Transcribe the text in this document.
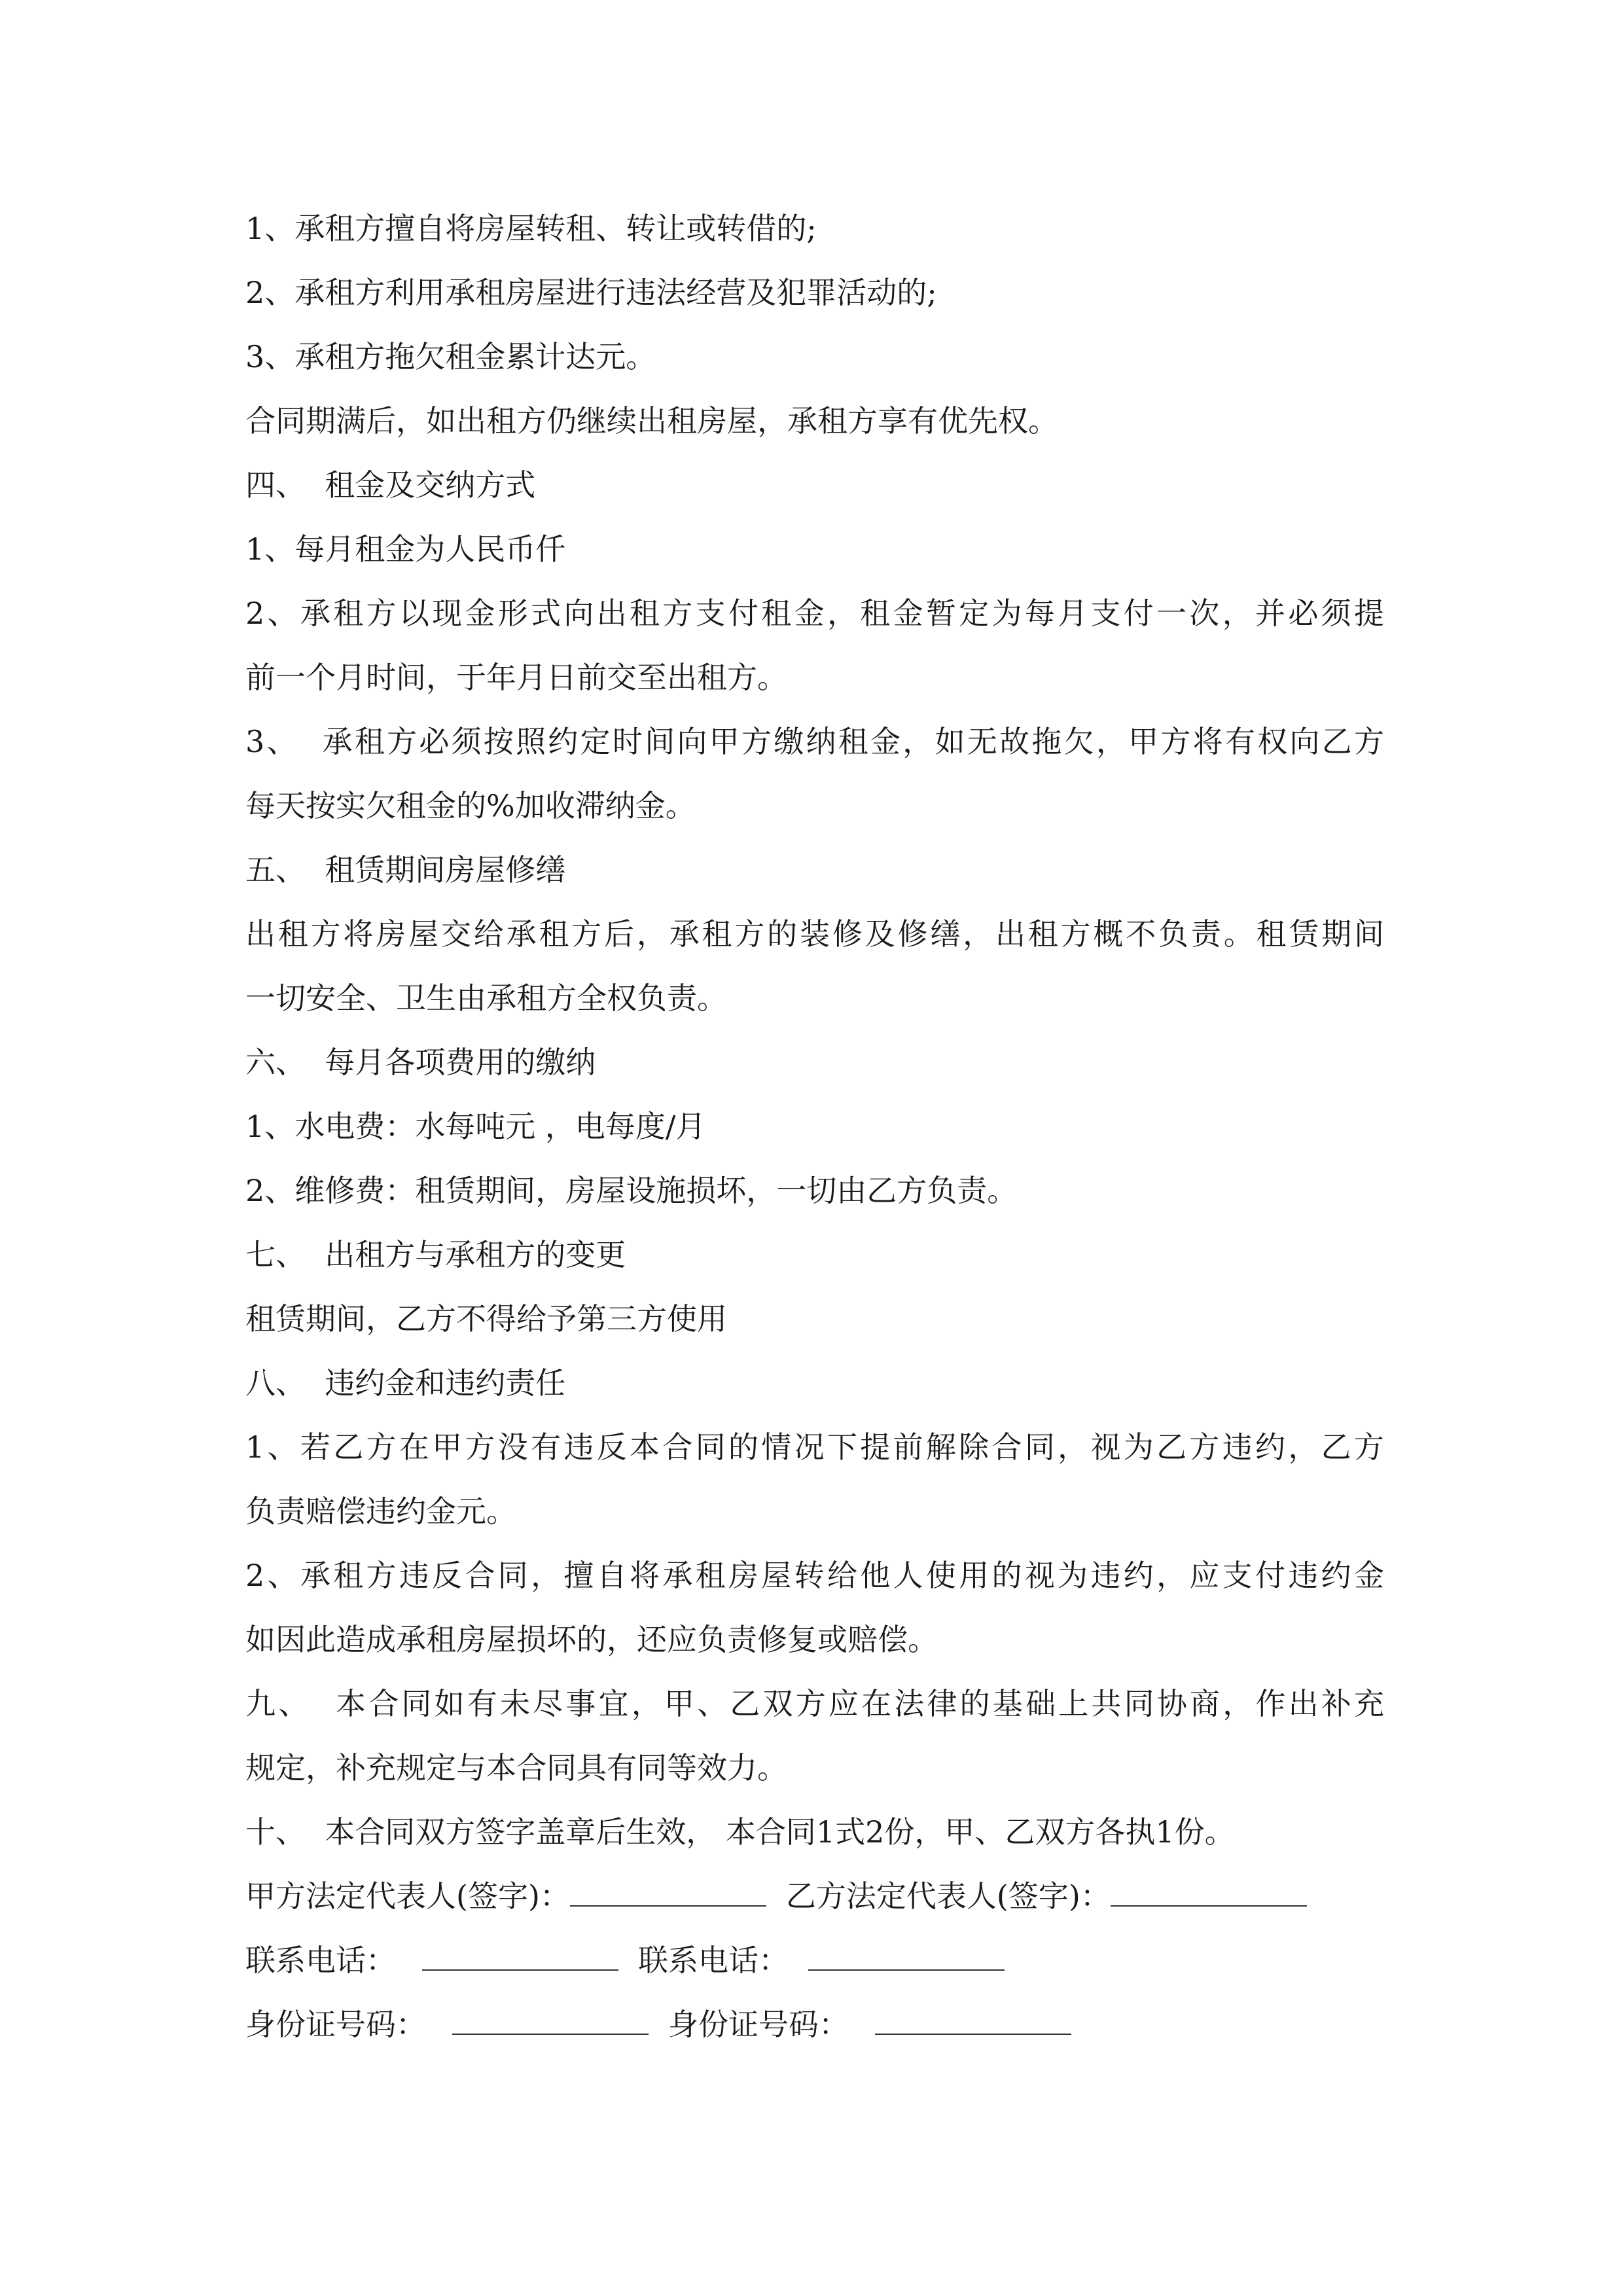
1、承租方擅自将房屋转租、转让或转借的;
2、承租方利用承租房屋进行违法经营及犯罪活动的;
3、承租方拖欠租金累计达元。
合同期满后，如出租方仍继续出租房屋，承租方享有优先权。
四、  租金及交纳方式
1、每月租金为人民币仟
2、承租方以现金形式向出租方支付租金，租金暂定为每月支付一次，并必须提
前一个月时间，于年月日前交至出租方。
3、  承租方必须按照约定时间向甲方缴纳租金，如无故拖欠，甲方将有权向乙方
每天按实欠租金的%加收滞纳金。
五、  租赁期间房屋修缮
出租方将房屋交给承租方后，承租方的装修及修缮，出租方概不负责。租赁期间
一切安全、卫生由承租方全权负责。
六、  每月各项费用的缴纳
1、水电费：水每吨元 ，电每度/月
2、维修费：租赁期间，房屋设施损坏，一切由乙方负责。
七、  出租方与承租方的变更
租赁期间，乙方不得给予第三方使用
八、  违约金和违约责任
1、若乙方在甲方没有违反本合同的情况下提前解除合同，视为乙方违约，乙方
负责赔偿违约金元。
2、承租方违反合同，擅自将承租房屋转给他人使用的视为违约，应支付违约金
如因此造成承租房屋损坏的，还应负责修复或赔偿。
九、  本合同如有未尽事宜，甲、乙双方应在法律的基础上共同协商，作出补充
规定，补充规定与本合同具有同等效力。
十、  本合同双方签字盖章后生效， 本合同1式2份，甲、乙双方各执1份。
甲方法定代表人(签字)：	乙方法定代表人(签字)：
联系电话：	联系电话：
身份证号码：	身份证号码：
